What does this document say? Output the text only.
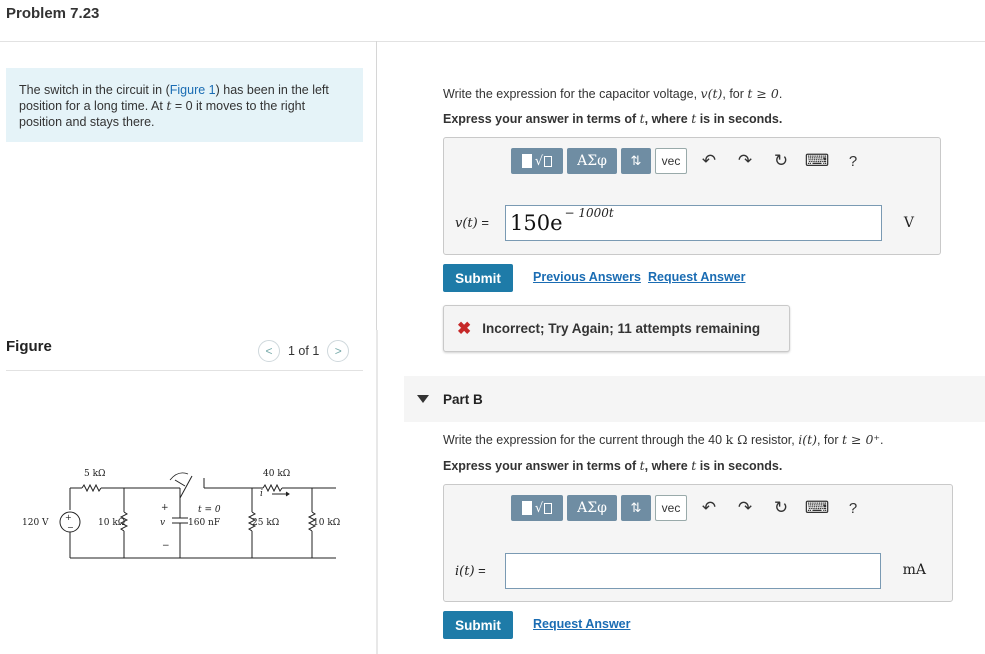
Problem 7.23
The switch in the circuit in (Figure 1) has been in the left position for a long time. At t = 0 it moves to the right position and stays there.
Figure	<	1 of 1	>
+
−
120 V
5 kΩ
10 kΩ
t = 0
160 nF
v
+
−
40 kΩ
i
25 kΩ	10 kΩ
Write the expression for the capacitor voltage, v(t), for t ≥ 0.
Express your answer in terms of t, where t is in seconds.
√	ΑΣφ	⇅	vec	↶	↷	↻ ⌨	?
v(t) = 150e − 1000t
V
Submit	Previous Answers Request Answer
✖ Incorrect; Try Again; 11 attempts remaining
Part B
Write the expression for the current through the 40 k Ω resistor, i(t), for t ≥ 0⁺.
Express your answer in terms of t, where t is in seconds.
√	ΑΣφ	⇅	vec	↶	↷	↻ ⌨	?
i(t) =	mA
Submit	Request Answer
